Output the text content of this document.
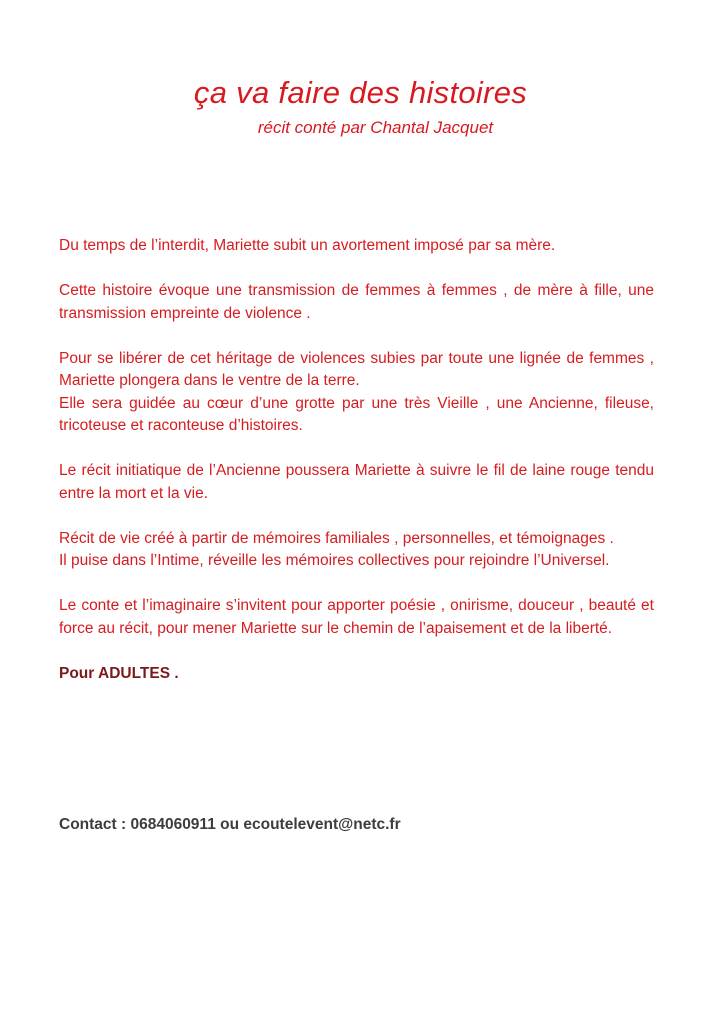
ça va faire des histoires

récit conté par Chantal Jacquet

Du temps de l’interdit, Mariette subit un avortement imposé par sa mère.

Cette histoire évoque une transmission de femmes à femmes , de mère à fille, une transmission empreinte de violence .

Pour se libérer de cet héritage de violences subies par toute une lignée de femmes , Mariette plongera dans le ventre de la terre.
Elle sera guidée au cœur d’une grotte par une très Vieille , une Ancienne, fileuse, tricoteuse et raconteuse d’histoires.

Le récit initiatique de l’Ancienne poussera Mariette à suivre le fil de laine rouge tendu entre la mort et la vie.

Récit de vie créé à partir de mémoires familiales , personnelles, et témoignages .
Il puise dans l’Intime, réveille les mémoires collectives pour rejoindre l’Universel.

Le conte et l’imaginaire s’invitent pour apporter poésie , onirisme, douceur , beauté et force au récit, pour mener Mariette sur le chemin de l’apaisement et de la liberté.

Pour ADULTES .

Contact : 0684060911 ou ecoutelevent@netc.fr
